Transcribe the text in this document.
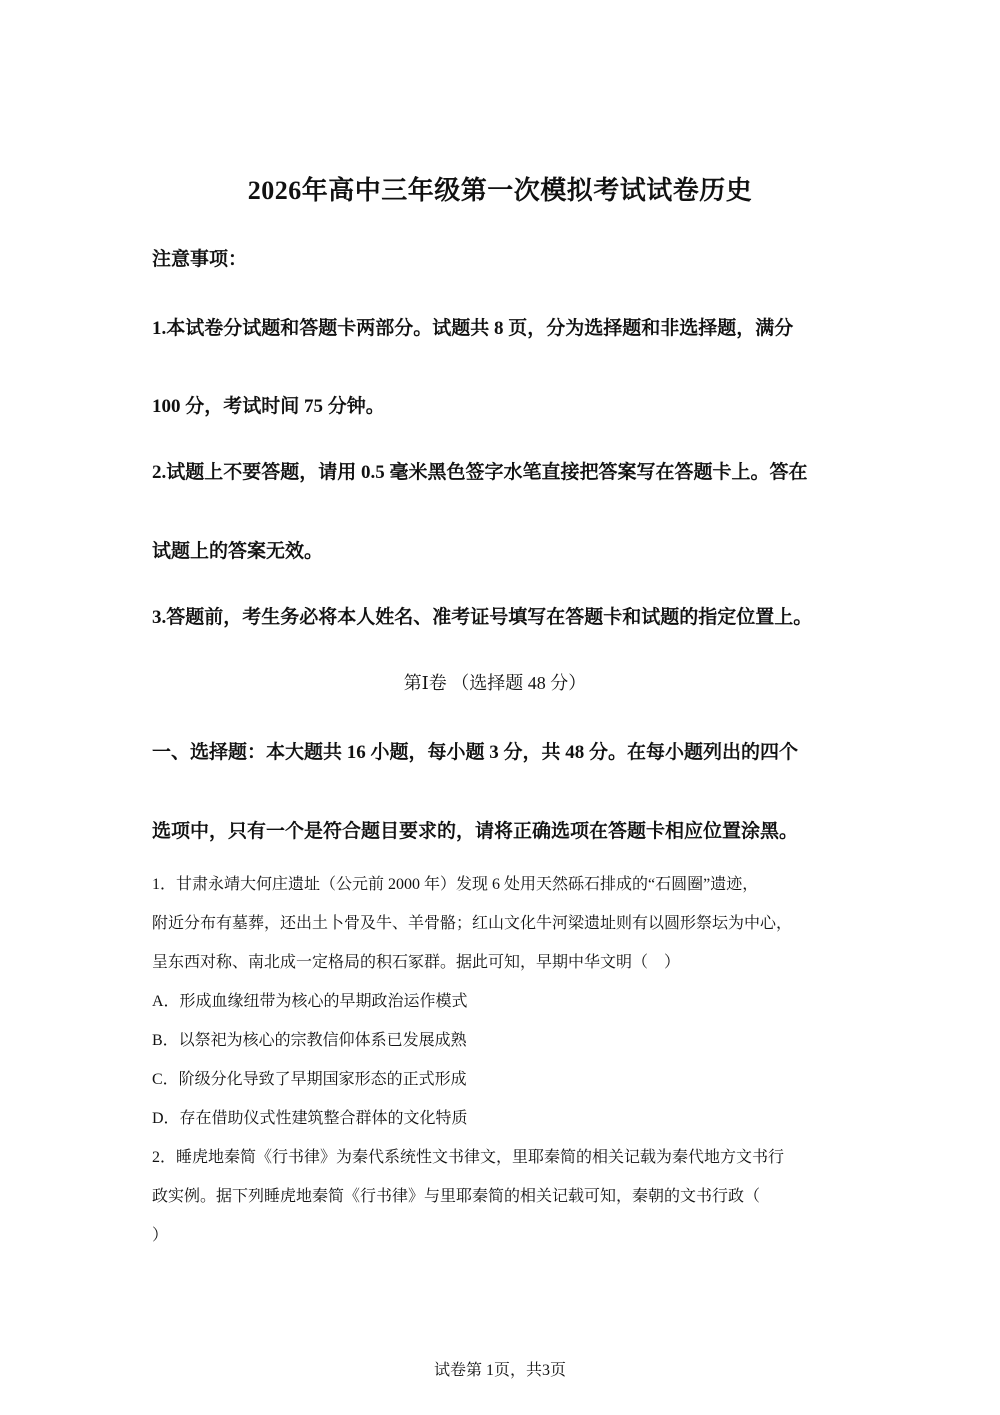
2026年高中三年级第一次模拟考试试卷历史
注意事项：
1.本试卷分试题和答题卡两部分。试题共 8 页，分为选择题和非选择题，满分
100 分，考试时间 75 分钟。
2.试题上不要答题，请用 0.5 毫米黑色签字水笔直接把答案写在答题卡上。答在
试题上的答案无效。
3.答题前，考生务必将本人姓名、准考证号填写在答题卡和试题的指定位置上。
第Ⅰ卷 （选择题 48 分）
一、选择题：本大题共 16 小题，每小题 3 分，共 48 分。在每小题列出的四个
选项中，只有一个是符合题目要求的，请将正确选项在答题卡相应位置涂黑。
1．甘肃永靖大何庄遗址（公元前 2000 年）发现 6 处用天然砾石排成的“石圆圈”遗迹，
附近分布有墓葬，还出土卜骨及牛、羊骨骼；红山文化牛河梁遗址则有以圆形祭坛为中心，
呈东西对称、南北成一定格局的积石冢群。据此可知，早期中华文明（　）
A．形成血缘纽带为核心的早期政治运作模式
B．以祭祀为核心的宗教信仰体系已发展成熟
C．阶级分化导致了早期国家形态的正式形成
D．存在借助仪式性建筑整合群体的文化特质
2．睡虎地秦简《行书律》为秦代系统性文书律文，里耶秦简的相关记载为秦代地方文书行
政实例。据下列睡虎地秦简《行书律》与里耶秦简的相关记载可知，秦朝的文书行政（
）
试卷第 1页，共3页
